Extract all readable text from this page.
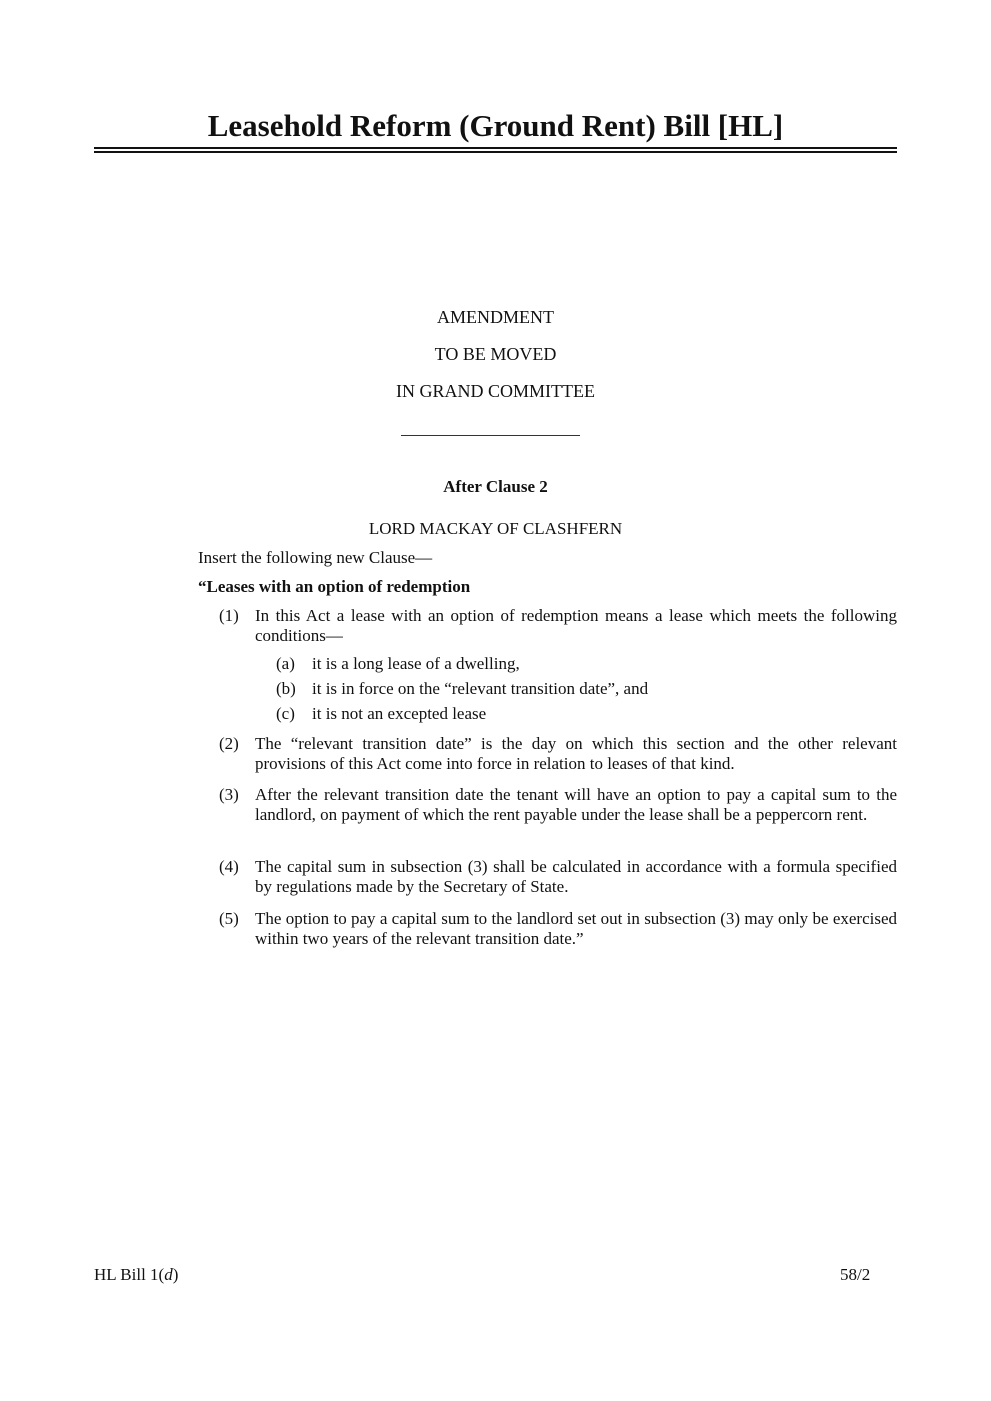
Leasehold Reform (Ground Rent) Bill [HL]
AMENDMENT
TO BE MOVED
IN GRAND COMMITTEE
After Clause 2
LORD MACKAY OF CLASHFERN

Insert the following new Clause—

“Leases with an option of redemption

(1) In this Act a lease with an option of redemption means a lease which meets the following conditions—
(a) it is a long lease of a dwelling,
(b) it is in force on the “relevant transition date”, and
(c) it is not an excepted lease
(2) The “relevant transition date” is the day on which this section and the other relevant provisions of this Act come into force in relation to leases of that kind.
(3) After the relevant transition date the tenant will have an option to pay a capital sum to the landlord, on payment of which the rent payable under the lease shall be a peppercorn rent.
(4) The capital sum in subsection (3) shall be calculated in accordance with a formula specified by regulations made by the Secretary of State.
(5) The option to pay a capital sum to the landlord set out in subsection (3) may only be exercised within two years of the relevant transition date.”
HL Bill 1(d)	58/2
